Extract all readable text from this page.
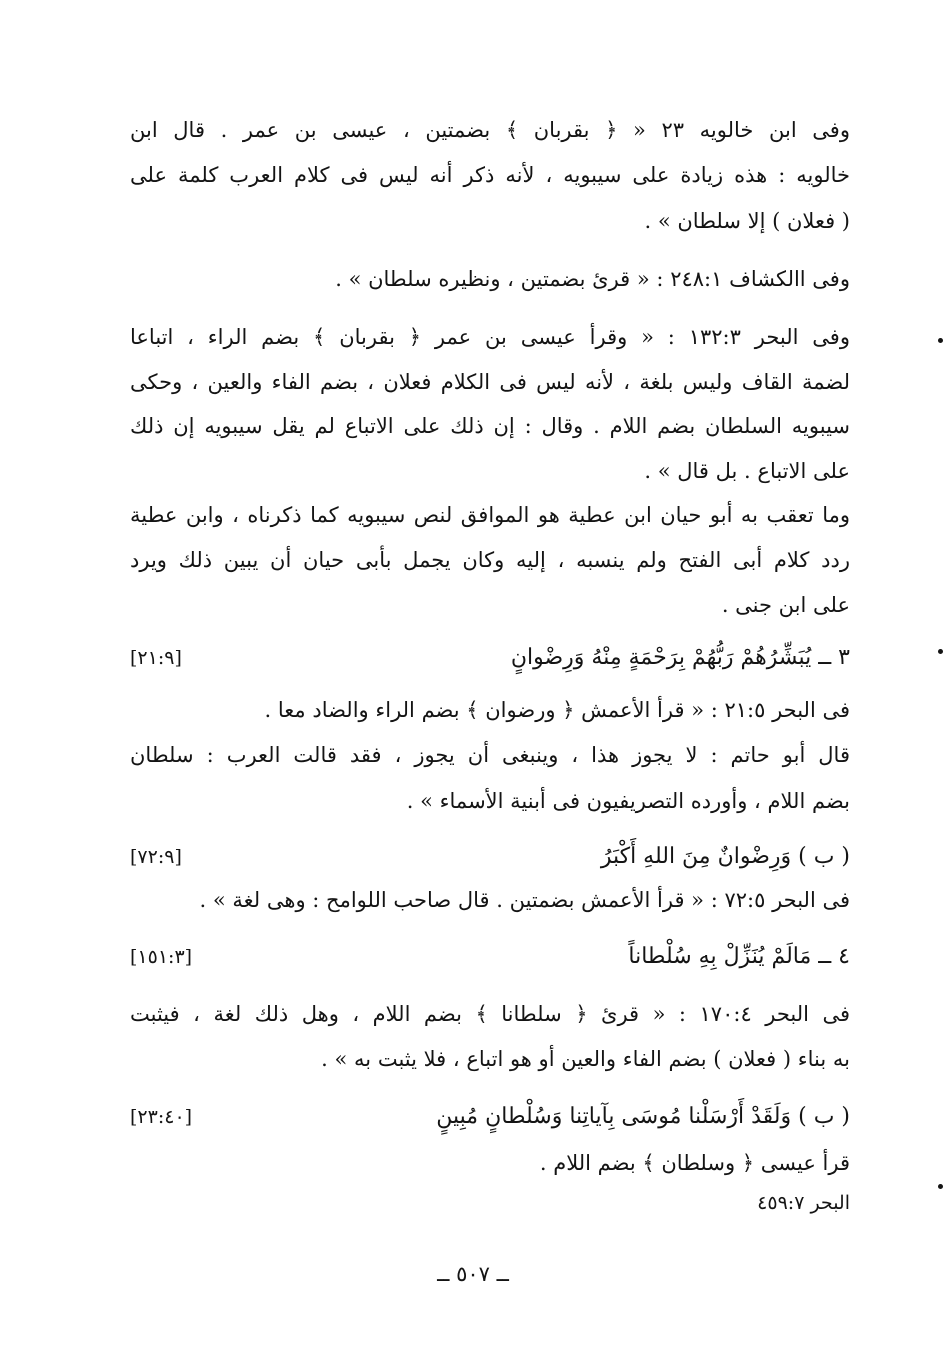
وفى ابن خالويه ٢٣ « ﴿ بقربان ﴾ بضمتين ، عيسى بن عمر . قال ابن
خالويه : هذه زيادة على سيبويه ، لأنه ذكر أنه ليس فى كلام العرب كلمة على
( فعلان ) إلا سلطان » .
وفى االكشاف ٢٤٨:١ : « قرئ بضمتين ، ونظيره سلطان » .
وفى البحر ١٣٢:٣ : « وقرأ عيسى بن عمر ﴿ بقربان ﴾ بضم الراء ، اتباعا
لضمة القاف وليس بلغة ، لأنه ليس فى الكلام فعلان ، بضم الفاء والعين ، وحكى
سيبويه السلطان بضم اللام . وقال : إن ذلك على الاتباع لم يقل سيبويه إن ذلك
على الاتباع . بل قال » .
وما تعقب به أبو حيان ابن عطية هو الموافق لنص سيبويه كما ذكرناه ، وابن عطية
ردد كلام أبى الفتح ولم ينسبه ، إليه وكان يجمل بأبى حيان أن يبين ذلك ويرد
على ابن جنى .
٣ ــ يُبَشِّرُهُمْ رَبُّهُمْ بِرَحْمَةٍ مِنْهُ وَرِضْوانٍ
[٢١:٩]
فى البحر ٢١:٥ : « قرأ الأعمش ﴿ ورضوان ﴾ بضم الراء والضاد معا .
قال أبو حاتم : لا يجوز هذا ، وينبغى أن يجوز ، فقد قالت العرب : سلطان
بضم اللام ، وأورده التصريفيون فى أبنية الأسماء » .
( ب ) وَرِضْوانٌ مِنَ اللهِ أَكْبَرُ
[٧٢:٩]
فى البحر ٧٢:٥ : « قرأ الأعمش بضمتين . قال صاحب اللوامح : وهى لغة » .
٤ ــ مَالَمْ يُنَزِّلْ بِهِ سُلْطاناً
[١٥١:٣]
فى البحر ١٧٠:٤ : « قرئ ﴿ سلطانا ﴾ بضم اللام ، وهل ذلك لغة ، فيثبت
به بناء ( فعلان ) بضم الفاء والعين أو هو اتباع ، فلا يثبت به » .
( ب ) وَلَقَدْ أَرْسَلْنا مُوسَى بِآياتِنا وَسُلْطانٍ مُبِينٍ
[٢٣:٤٠]
قرأ عيسى ﴿ وسلطان ﴾ بضم اللام .
البحر ٤٥٩:٧
ــ ٥٠٧ ــ
